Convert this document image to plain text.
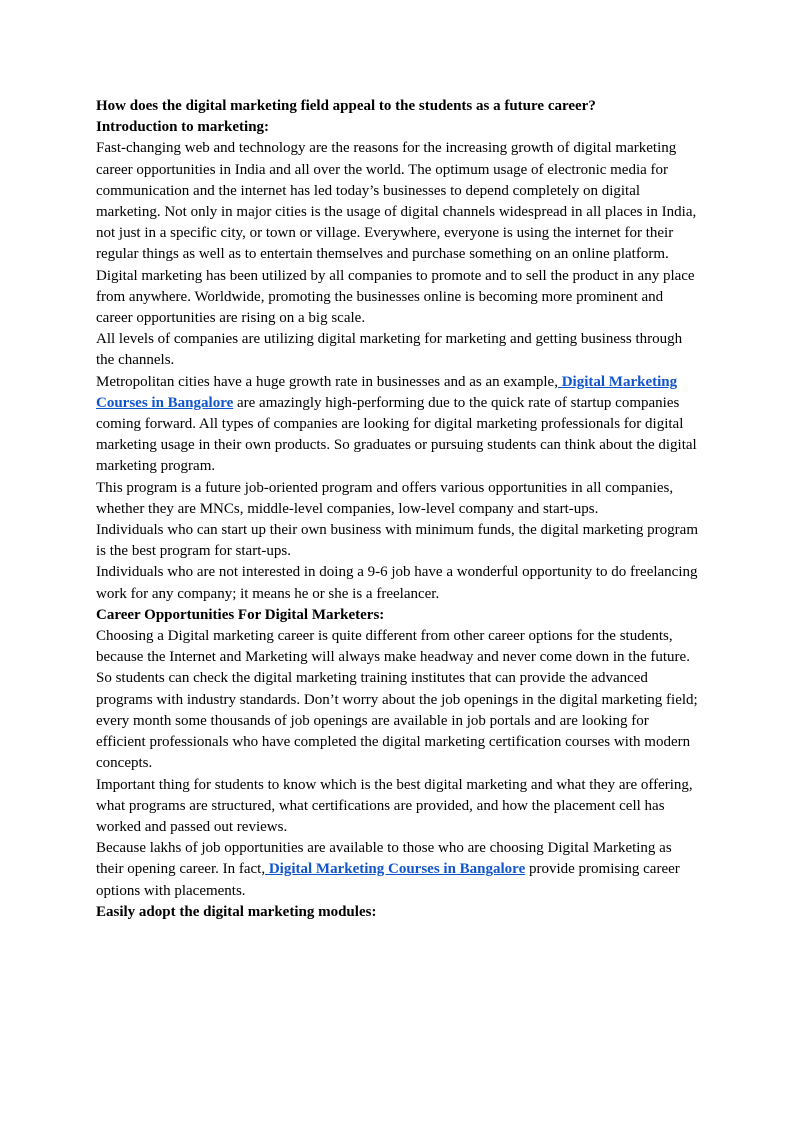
How does the digital marketing field appeal to the students as a future career?

Introduction to marketing:

Fast-changing web and technology are the reasons for the increasing growth of digital marketing career opportunities in India and all over the world. The optimum usage of electronic media for communication and the internet has led today’s businesses to depend completely on digital marketing. Not only in major cities is the usage of digital channels widespread in all places in India, not just in a specific city, or town or village. Everywhere, everyone is using the internet for their regular things as well as to entertain themselves and purchase something on an online platform.

Digital marketing has been utilized by all companies to promote and to sell the product in any place from anywhere. Worldwide, promoting the businesses online is becoming more prominent and career opportunities are rising on a big scale.

All levels of companies are utilizing digital marketing for marketing and getting business through the channels.

Metropolitan cities have a huge growth rate in businesses and as an example, Digital Marketing Courses in Bangalore are amazingly high-performing due to the quick rate of startup companies coming forward. All types of companies are looking for digital marketing professionals for digital marketing usage in their own products. So graduates or pursuing students can think about the digital marketing program.

This program is a future job-oriented program and offers various opportunities in all companies, whether they are MNCs, middle-level companies, low-level company and start-ups.

Individuals who can start up their own business with minimum funds, the digital marketing program is the best program for start-ups.

Individuals who are not interested in doing a 9-6 job have a wonderful opportunity to do freelancing work for any company; it means he or she is a freelancer.

Career Opportunities For Digital Marketers:

Choosing a Digital marketing career is quite different from other career options for the students, because the Internet and Marketing will always make headway and never come down in the future.

So students can check the digital marketing training institutes that can provide the advanced programs with industry standards. Don’t worry about the job openings in the digital marketing field; every month some thousands of job openings are available in job portals and are looking for efficient professionals who have completed the digital marketing certification courses with modern concepts.

Important thing for students to know which is the best digital marketing and what they are offering, what programs are structured, what certifications are provided, and how the placement cell has worked and passed out reviews.

Because lakhs of job opportunities are available to those who are choosing Digital Marketing as their opening career. In fact, Digital Marketing Courses in Bangalore provide promising career options with placements.

Easily adopt the digital marketing modules:
